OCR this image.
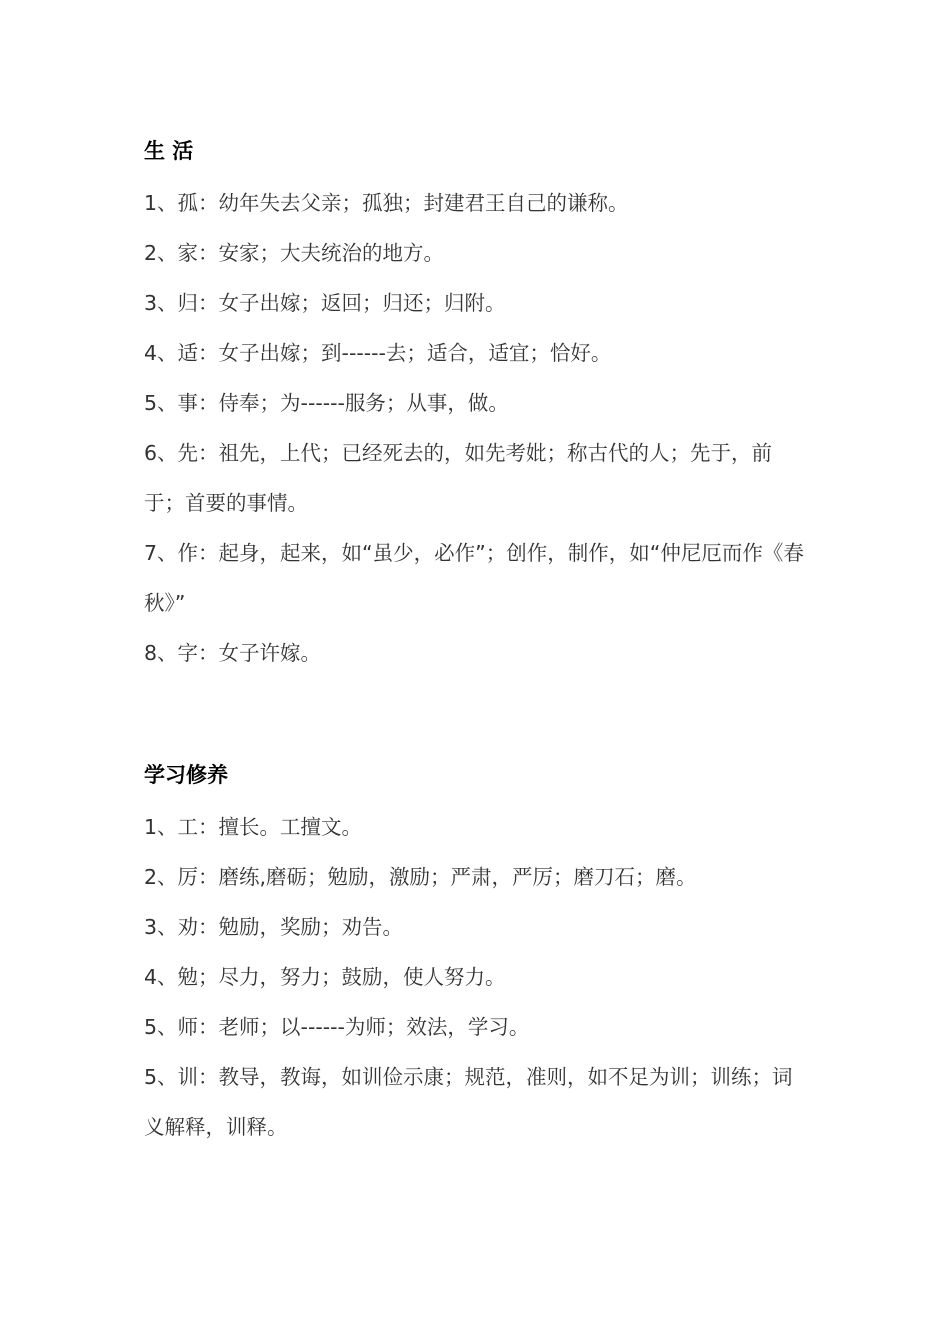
生 活
1、孤：幼年失去父亲；孤独；封建君王自己的谦称。
2、家：安家；大夫统治的地方。
3、归：女子出嫁；返回；归还；归附。
4、适：女子出嫁；到------去；适合，适宜；恰好。
5、事：侍奉；为------服务；从事，做。
6、先：祖先，上代；已经死去的，如先考妣；称古代的人；先于，前于；首要的事情。
7、作：起身，起来，如“虽少，必作”；创作，制作，如“仲尼厄而作《春秋》”
8、字：女子许嫁。
学习修养
1、工：擅长。工擅文。
2、厉：磨练,磨砺；勉励，激励；严肃，严厉；磨刀石；磨。
3、劝：勉励，奖励；劝告。
4、勉；尽力，努力；鼓励，使人努力。
5、师：老师；以------为师；效法，学习。
5、训：教导，教诲，如训俭示康；规范，准则，如不足为训；训练；词义解释，训释。
